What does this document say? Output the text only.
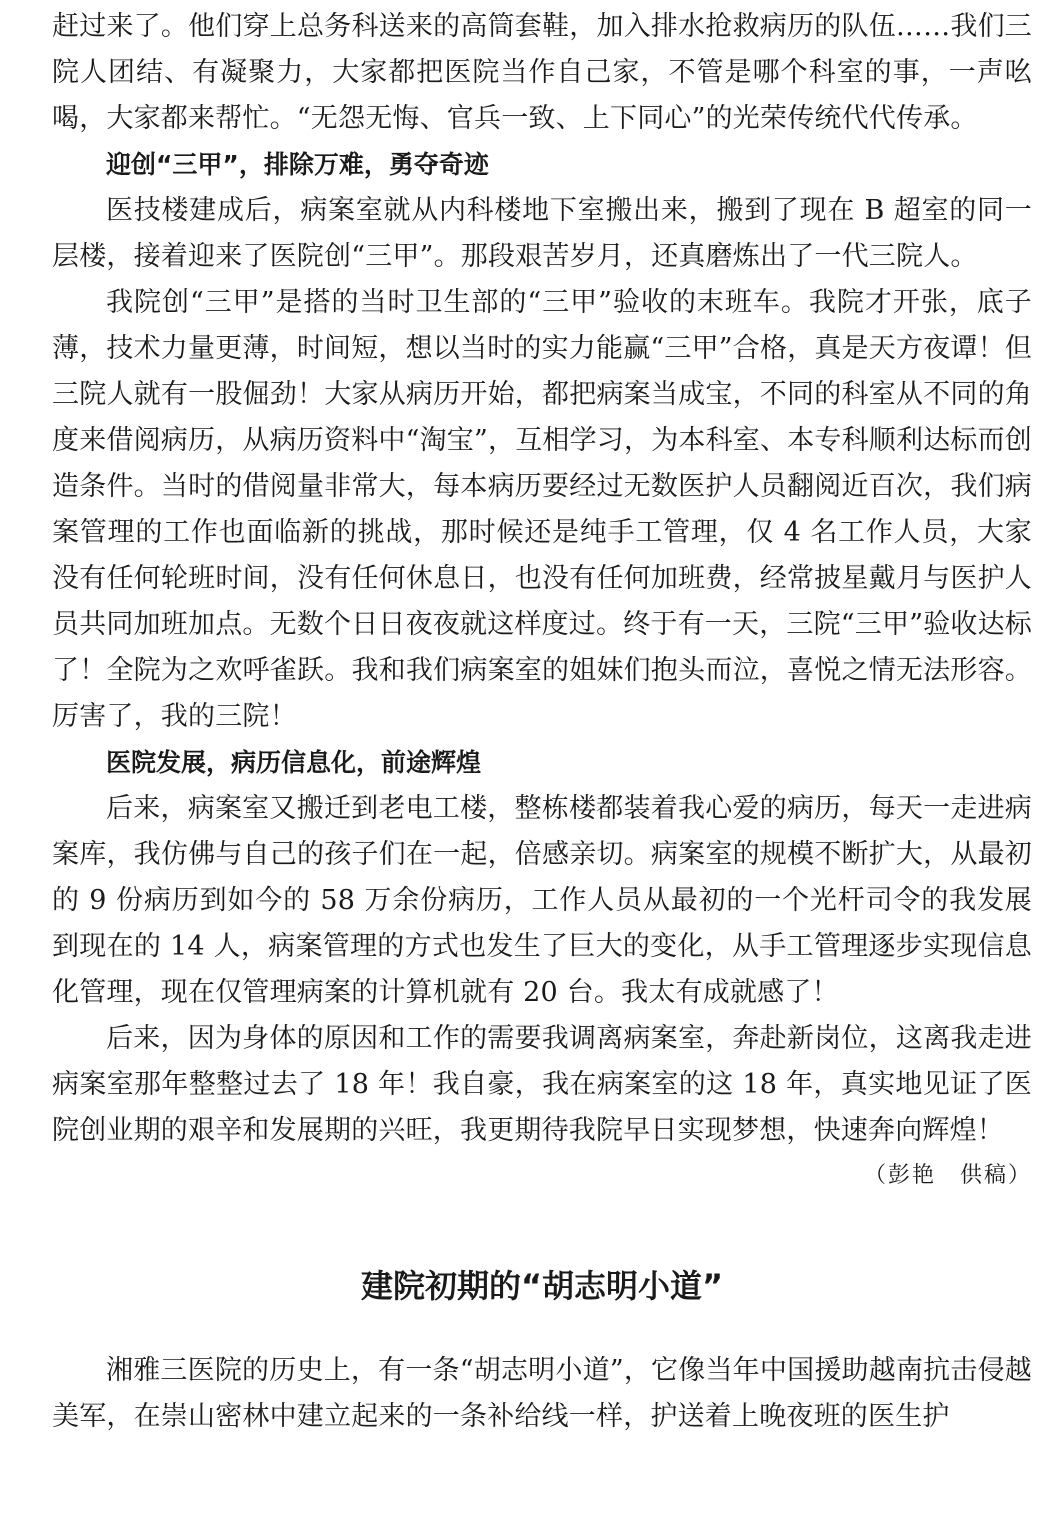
赶过来了。他们穿上总务科送来的高筒套鞋，加入排水抢救病历的队伍……我们三院人团结、有凝聚力，大家都把医院当作自己家，不管是哪个科室的事，一声吆喝，大家都来帮忙。“无怨无悔、官兵一致、上下同心”的光荣传统代代传承。

迎创“三甲”，排除万难，勇夺奇迹

医技楼建成后，病案室就从内科楼地下室搬出来，搬到了现在 B 超室的同一层楼，接着迎来了医院创“三甲”。那段艰苦岁月，还真磨炼出了一代三院人。

我院创“三甲”是搭的当时卫生部的“三甲”验收的末班车。我院才开张，底子薄，技术力量更薄，时间短，想以当时的实力能赢“三甲”合格，真是天方夜谭！但三院人就有一股倔劲！大家从病历开始，都把病案当成宝，不同的科室从不同的角度来借阅病历，从病历资料中“淘宝”，互相学习，为本科室、本专科顺利达标而创造条件。当时的借阅量非常大，每本病历要经过无数医护人员翻阅近百次，我们病案管理的工作也面临新的挑战，那时候还是纯手工管理，仅 4 名工作人员，大家没有任何轮班时间，没有任何休息日，也没有任何加班费，经常披星戴月与医护人员共同加班加点。无数个日日夜夜就这样度过。终于有一天，三院“三甲”验收达标了！全院为之欢呼雀跃。我和我们病案室的姐妹们抱头而泣，喜悦之情无法形容。厉害了，我的三院！

医院发展，病历信息化，前途辉煌

后来，病案室又搬迁到老电工楼，整栋楼都装着我心爱的病历，每天一走进病案库，我仿佛与自己的孩子们在一起，倍感亲切。病案室的规模不断扩大，从最初的 9 份病历到如今的 58 万余份病历，工作人员从最初的一个光杆司令的我发展到现在的 14 人，病案管理的方式也发生了巨大的变化，从手工管理逐步实现信息化管理，现在仅管理病案的计算机就有 20 台。我太有成就感了！

后来，因为身体的原因和工作的需要我调离病案室，奔赴新岗位，这离我走进病案室那年整整过去了 18 年！我自豪，我在病案室的这 18 年，真实地见证了医院创业期的艰辛和发展期的兴旺，我更期待我院早日实现梦想，快速奔向辉煌！

（彭艳　供稿）
建院初期的“胡志明小道”

湘雅三医院的历史上，有一条“胡志明小道”，它像当年中国援助越南抗击侵越美军，在崇山密林中建立起来的一条补给线一样，护送着上晚夜班的医生护
